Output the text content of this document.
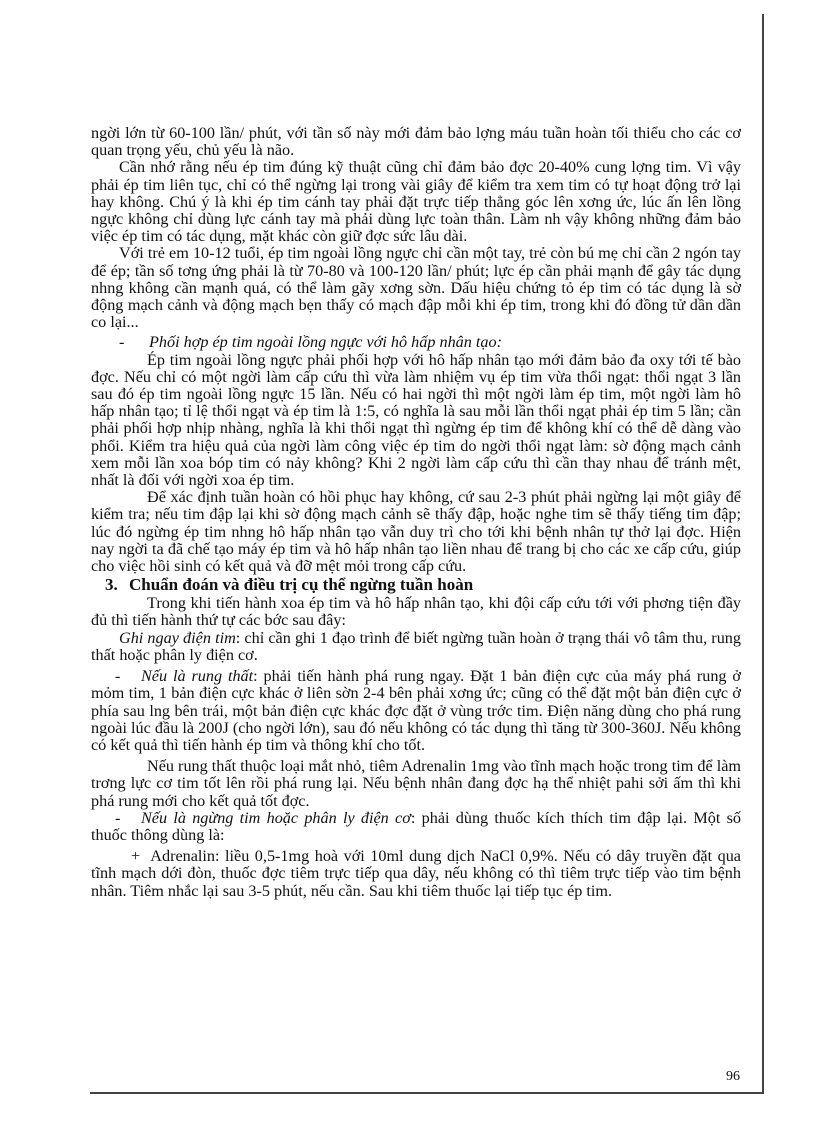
ngời lớn từ 60-100 lần/ phút, với tần số này mới đảm bảo lợng máu tuần hoàn tối thiểu cho các cơ quan trọng yếu, chủ yếu là não.

Cần nhớ rằng nếu ép tim đúng kỹ thuật cũng chỉ đảm bảo đợc 20-40% cung lợng tim. Vì vậy phải ép tim liên tục, chỉ có thể ngừng lại trong vài giây để kiểm tra xem tim có tự hoạt động trở lại hay không. Chú ý là khi ép tim cánh tay phải đặt trực tiếp thẳng góc lên xơng ức, lúc ấn lên lồng ngực không chỉ dùng lực cánh tay mà phải dùng lực toàn thân. Làm nh vậy không những đảm bảo việc ép tim có tác dụng, mặt khác còn giữ đợc sức lâu dài.

Với trẻ em 10-12 tuổi, ép tim ngoài lồng ngực chỉ cần một tay, trẻ còn bú mẹ chỉ cần 2 ngón tay để ép; tần số tơng ứng phải là từ 70-80 và 100-120 lần/ phút; lực ép cần phải mạnh để gây tác dụng nhng không cần mạnh quá, có thể làm gãy xơng sờn. Dấu hiệu chứng tỏ ép tim có tác dụng là sờ động mạch cảnh và động mạch bẹn thấy có mạch đập mỗi khi ép tim, trong khi đó đồng tử dần dần co lại...

- Phối hợp ép tim ngoài lồng ngực với hô hấp nhân tạo:

Ép tim ngoài lồng ngực phải phối hợp với hô hấp nhân tạo mới đảm bảo đa oxy tới tế bào đợc. Nếu chỉ có một ngời làm cấp cứu thì vừa làm nhiệm vụ ép tim vừa thổi ngạt: thổi ngạt 3 lần sau đó ép tim ngoài lồng ngực 15 lần. Nếu có hai ngời thì một ngời làm ép tim, một ngời làm hô hấp nhân tạo; tỉ lệ thổi ngạt và ép tim là 1:5, có nghĩa là sau mỗi lần thổi ngạt phải ép tim 5 lần; cần phải phối hợp nhịp nhàng, nghĩa là khi thổi ngạt thì ngừng ép tim để không khí có thể dễ dàng vào phổi. Kiểm tra hiệu quả của ngời làm công việc ép tim do ngời thổi ngạt làm: sờ động mạch cảnh xem mỗi lần xoa bóp tim có nảy không? Khi 2 ngời làm cấp cứu thì cần thay nhau để tránh mệt, nhất là đối với ngời xoa ép tim.

Để xác định tuần hoàn có hồi phục hay không, cứ sau 2-3 phút phải ngừng lại một giây để kiểm tra; nếu tim đập lại khi sờ động mạch cảnh sẽ thấy đập, hoặc nghe tim sẽ thấy tiếng tim đập; lúc đó ngừng ép tim nhng hô hấp nhân tạo vẫn duy trì cho tới khi bệnh nhân tự thở lại đợc. Hiện nay ngời ta đã chế tạo máy ép tim và hô hấp nhân tạo liền nhau để trang bị cho các xe cấp cứu, giúp cho việc hồi sinh có kết quả và đỡ mệt mỏi trong cấp cứu.

3. Chuẩn đoán và điều trị cụ thể ngừng tuần hoàn

Trong khi tiến hành xoa ép tim và hô hấp nhân tạo, khi đội cấp cứu tới với phơng tiện đầy đủ thì tiến hành thứ tự các bớc sau đây:

Ghi ngay điện tim: chỉ cần ghi 1 đạo trình để biết ngừng tuần hoàn ở trạng thái vô tâm thu, rung thất hoặc phân ly điện cơ.

- Nếu là rung thất: phải tiến hành phá rung ngay. Đặt 1 bản điện cực của máy phá rung ở mỏm tim, 1 bản điện cực khác ở liên sờn 2-4 bên phải xơng ức; cũng có thể đặt một bản điện cực ở phía sau lng bên trái, một bản điện cực khác đợc đặt ở vùng trớc tim. Điện năng dùng cho phá rung ngoài lúc đầu là 200J (cho ngời lớn), sau đó nếu không có tác dụng thì tăng từ 300-360J. Nếu không có kết quả thì tiến hành ép tim và thông khí cho tốt.

Nếu rung thất thuộc loại mắt nhỏ, tiêm Adrenalin 1mg vào tĩnh mạch hoặc trong tim để làm trơng lực cơ tim tốt lên rồi phá rung lại. Nếu bệnh nhân đang đợc hạ thể nhiệt pahi sởi ấm thì khi phá rung mới cho kết quả tốt đợc.

- Nếu là ngừng tim hoặc phân ly điện cơ: phải dùng thuốc kích thích tim đập lại. Một số thuốc thông dùng là:

+ Adrenalin: liều 0,5-1mg hoà với 10ml dung dịch NaCl 0,9%. Nếu có dây truyền đặt qua tĩnh mạch dới đòn, thuốc đợc tiêm trực tiếp qua dây, nếu không có thì tiêm trực tiếp vào tim bệnh nhân. Tiêm nhắc lại sau 3-5 phút, nếu cần. Sau khi tiêm thuốc lại tiếp tục ép tim.

96
